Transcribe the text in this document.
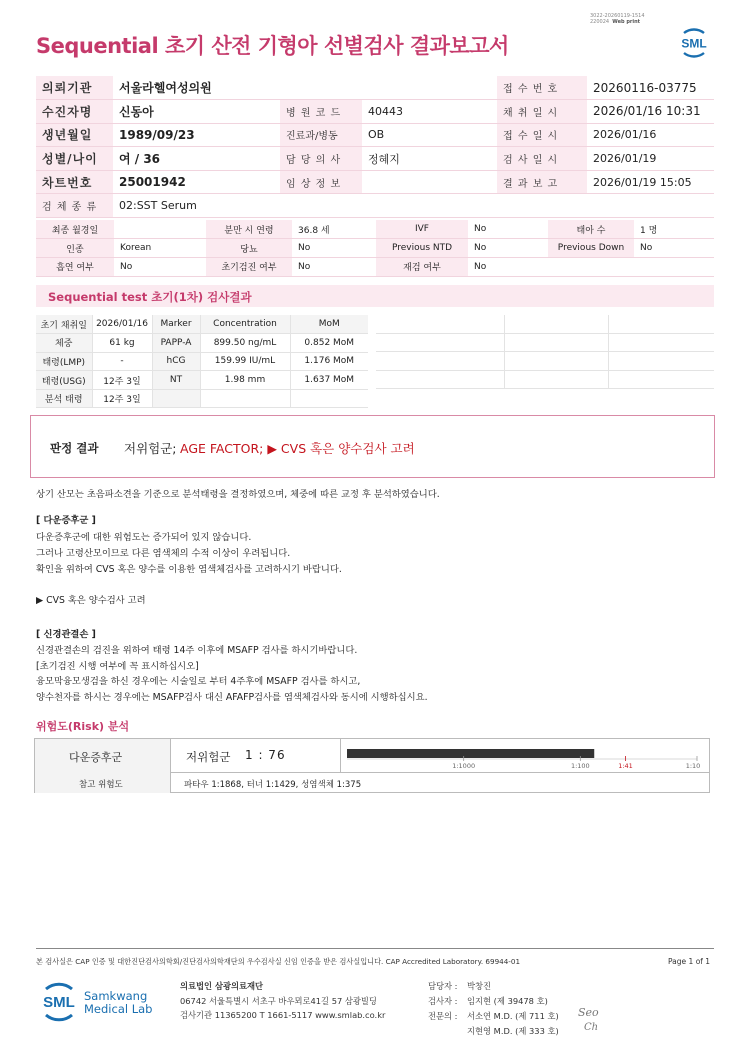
Sequential 초기 산전 기형아 선별검사 결과보고서
3022-20260119-1514
220024 Web print
SML
의뢰기관	서울라헬여성의원			접 수 번 호	20260116-03775
수진자명	신동아	병 원 코 드	40443	채 취 일 시	2026/01/16 10:31
생년월일	1989/09/23	진료과/병동	OB	접 수 일 시	2026/01/16
성별/나이	여 / 36	담 당 의 사	정혜지	검 사 일 시	2026/01/19
차트번호	25001942	임 상 정 보		결 과 보 고	2026/01/19 15:05
검 체 종 류	02:SST Serum				
최종 월경일		분만 시 연령	36.8 세	IVF	No	태아 수	1 명
인종	Korean	당뇨	No	Previous NTD	No	Previous Down	No
흡연 여부	No	초기검진 여부	No	재검 여부	No		
Sequential test 초기(1차) 검사결과
초기 채취일	2026/01/16	Marker	Concentration	MoM
체중	61 kg	PAPP-A	899.50 ng/mL	0.852 MoM
태령(LMP)	-	hCG	159.99 IU/mL	1.176 MoM
태령(USG)	12주 3일	NT	1.98 mm	1.637 MoM
분석 태령	12주 3일			
판정 결과 저위험군; AGE FACTOR; ▶ CVS 혹은 양수검사 고려
상기 산모는 초음파소견을 기준으로 분석태령을 결정하였으며, 체중에 따른 교정 후 분석하였습니다.
[ 다운증후군 ]
다운증후군에 대한 위험도는 증가되어 있지 않습니다.
그러나 고령산모이므로 다른 염색체의 수적 이상이 우려됩니다.
확인을 위하여 CVS 혹은 양수를 이용한 염색체검사를 고려하시기 바랍니다.
▶ CVS 혹은 양수검사 고려
[ 신경관결손 ]
신경관결손의 검진을 위하여 태령 14주 이후에 MSAFP 검사를 하시기바랍니다.
[초기검진 시행 여부에 꼭 표시하십시오]
융모막융모생검을 하신 경우에는 시술일로 부터 4주후에 MSAFP 검사를 하시고,
양수천자를 하시는 경우에는 MSAFP검사 대신 AFAFP검사를 염색체검사와 동시에 시행하십시요.
위험도(Risk) 분석
다운증후군	저위험군 1 : 76
1:1000	1:100	1:41	1:10
참고 위험도	파타우 1:1868, 터너 1:1429, 성염색체 1:375
본 검사실은 CAP 인증 및 대한진단검사의학회/진단검사의학재단의 우수검사실 신임 인증을 받은 검사실입니다. CAP Accredited Laboratory. 69944-01	Page 1 of 1
SML Samkwang
Medical Lab
의료법인 삼광의료재단
06742 서울특별시 서초구 바우뫼로41길 57 삼광빌딩
검사기관 11365200 T 1661-5117 www.smlab.co.kr
담당자 : 박창진
검사자 : 임지현 (제 39478 호)
전문의 : 서소연 M.D. (제 711 호)
지현영 M.D. (제 333 호)
Seo
Ch
